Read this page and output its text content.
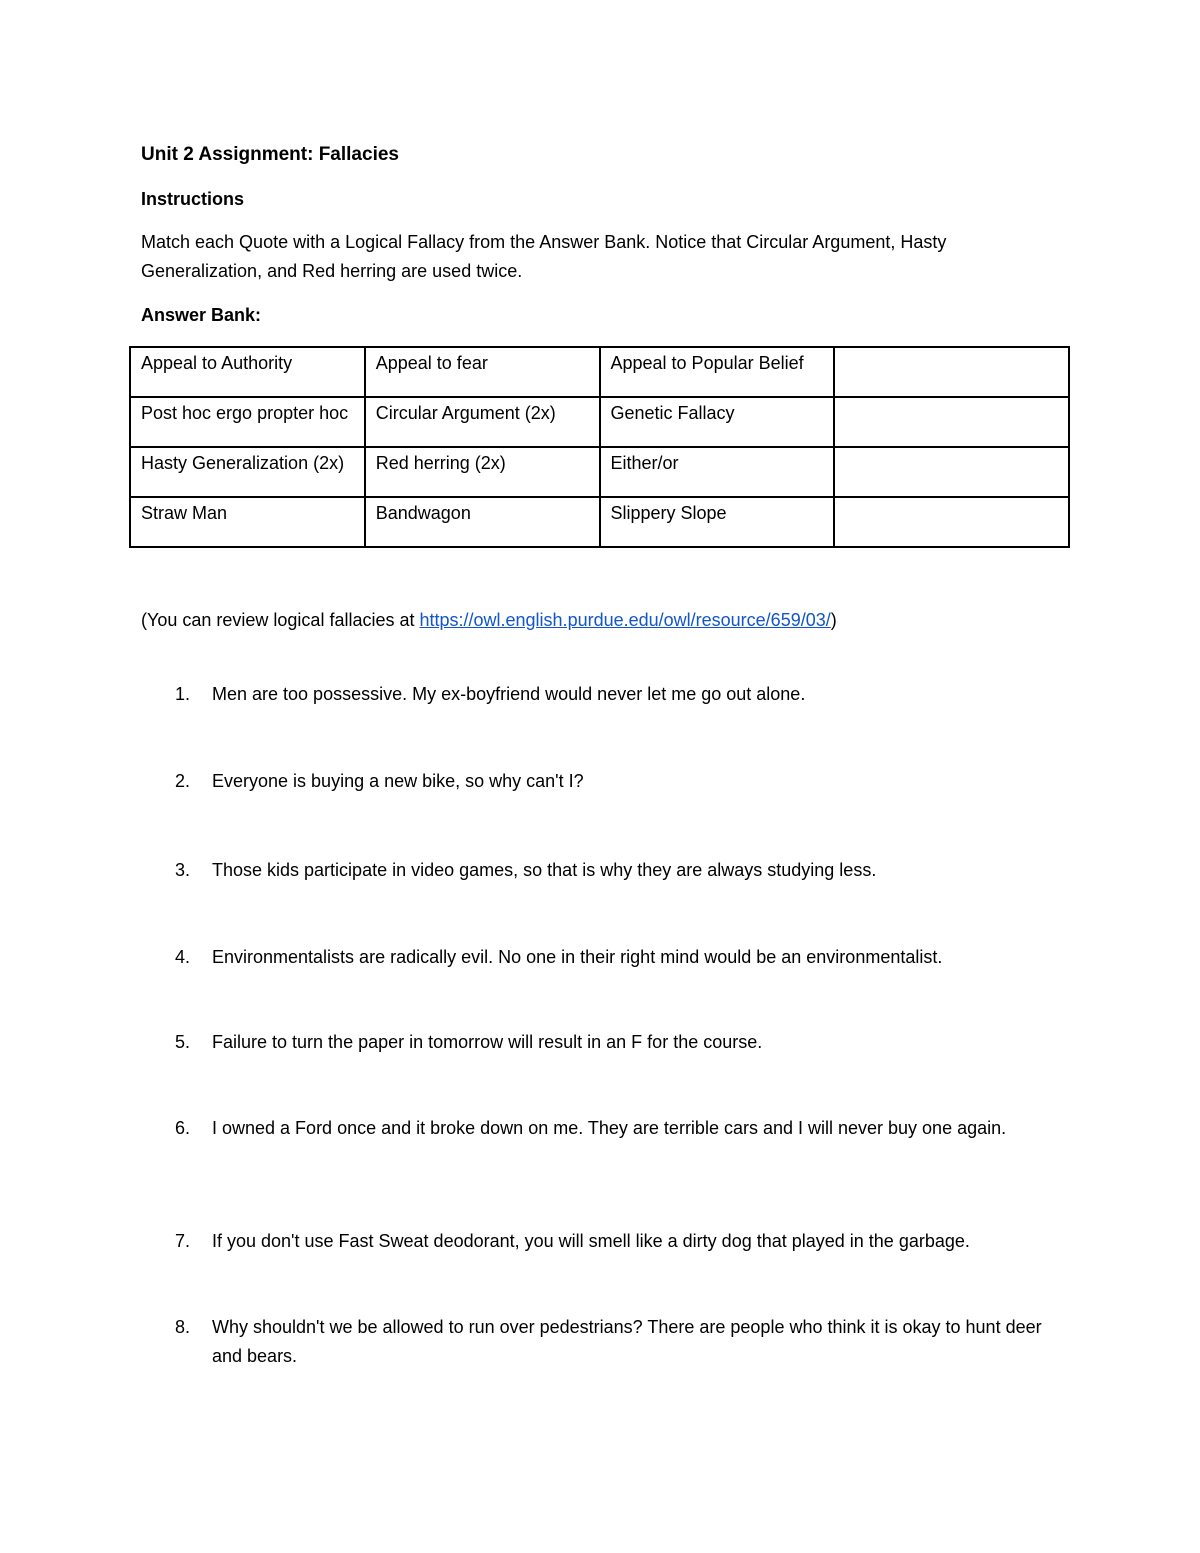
Unit 2 Assignment: Fallacies

Instructions

Match each Quote with a Logical Fallacy from the Answer Bank. Notice that Circular Argument, Hasty Generalization, and Red herring are used twice.

Answer Bank:

Appeal to Authority	Appeal to fear	Appeal to Popular Belief	
Post hoc ergo propter hoc	Circular Argument (2x)	Genetic Fallacy	
Hasty Generalization (2x)	Red herring (2x)	Either/or	
Straw Man	Bandwagon	Slippery Slope	

(You can review logical fallacies at https://owl.english.purdue.edu/owl/resource/659/03/)

1.	Men are too possessive. My ex-boyfriend would never let me go out alone.
2.	Everyone is buying a new bike, so why can't I?
3.	Those kids participate in video games, so that is why they are always studying less.
4.	Environmentalists are radically evil. No one in their right mind would be an environmentalist.
5.	Failure to turn the paper in tomorrow will result in an F for the course.
6.	I owned a Ford once and it broke down on me. They are terrible cars and I will never buy one again.
7.	If you don't use Fast Sweat deodorant, you will smell like a dirty dog that played in the garbage.
8.	Why shouldn't we be allowed to run over pedestrians? There are people who think it is okay to hunt deer and bears.
